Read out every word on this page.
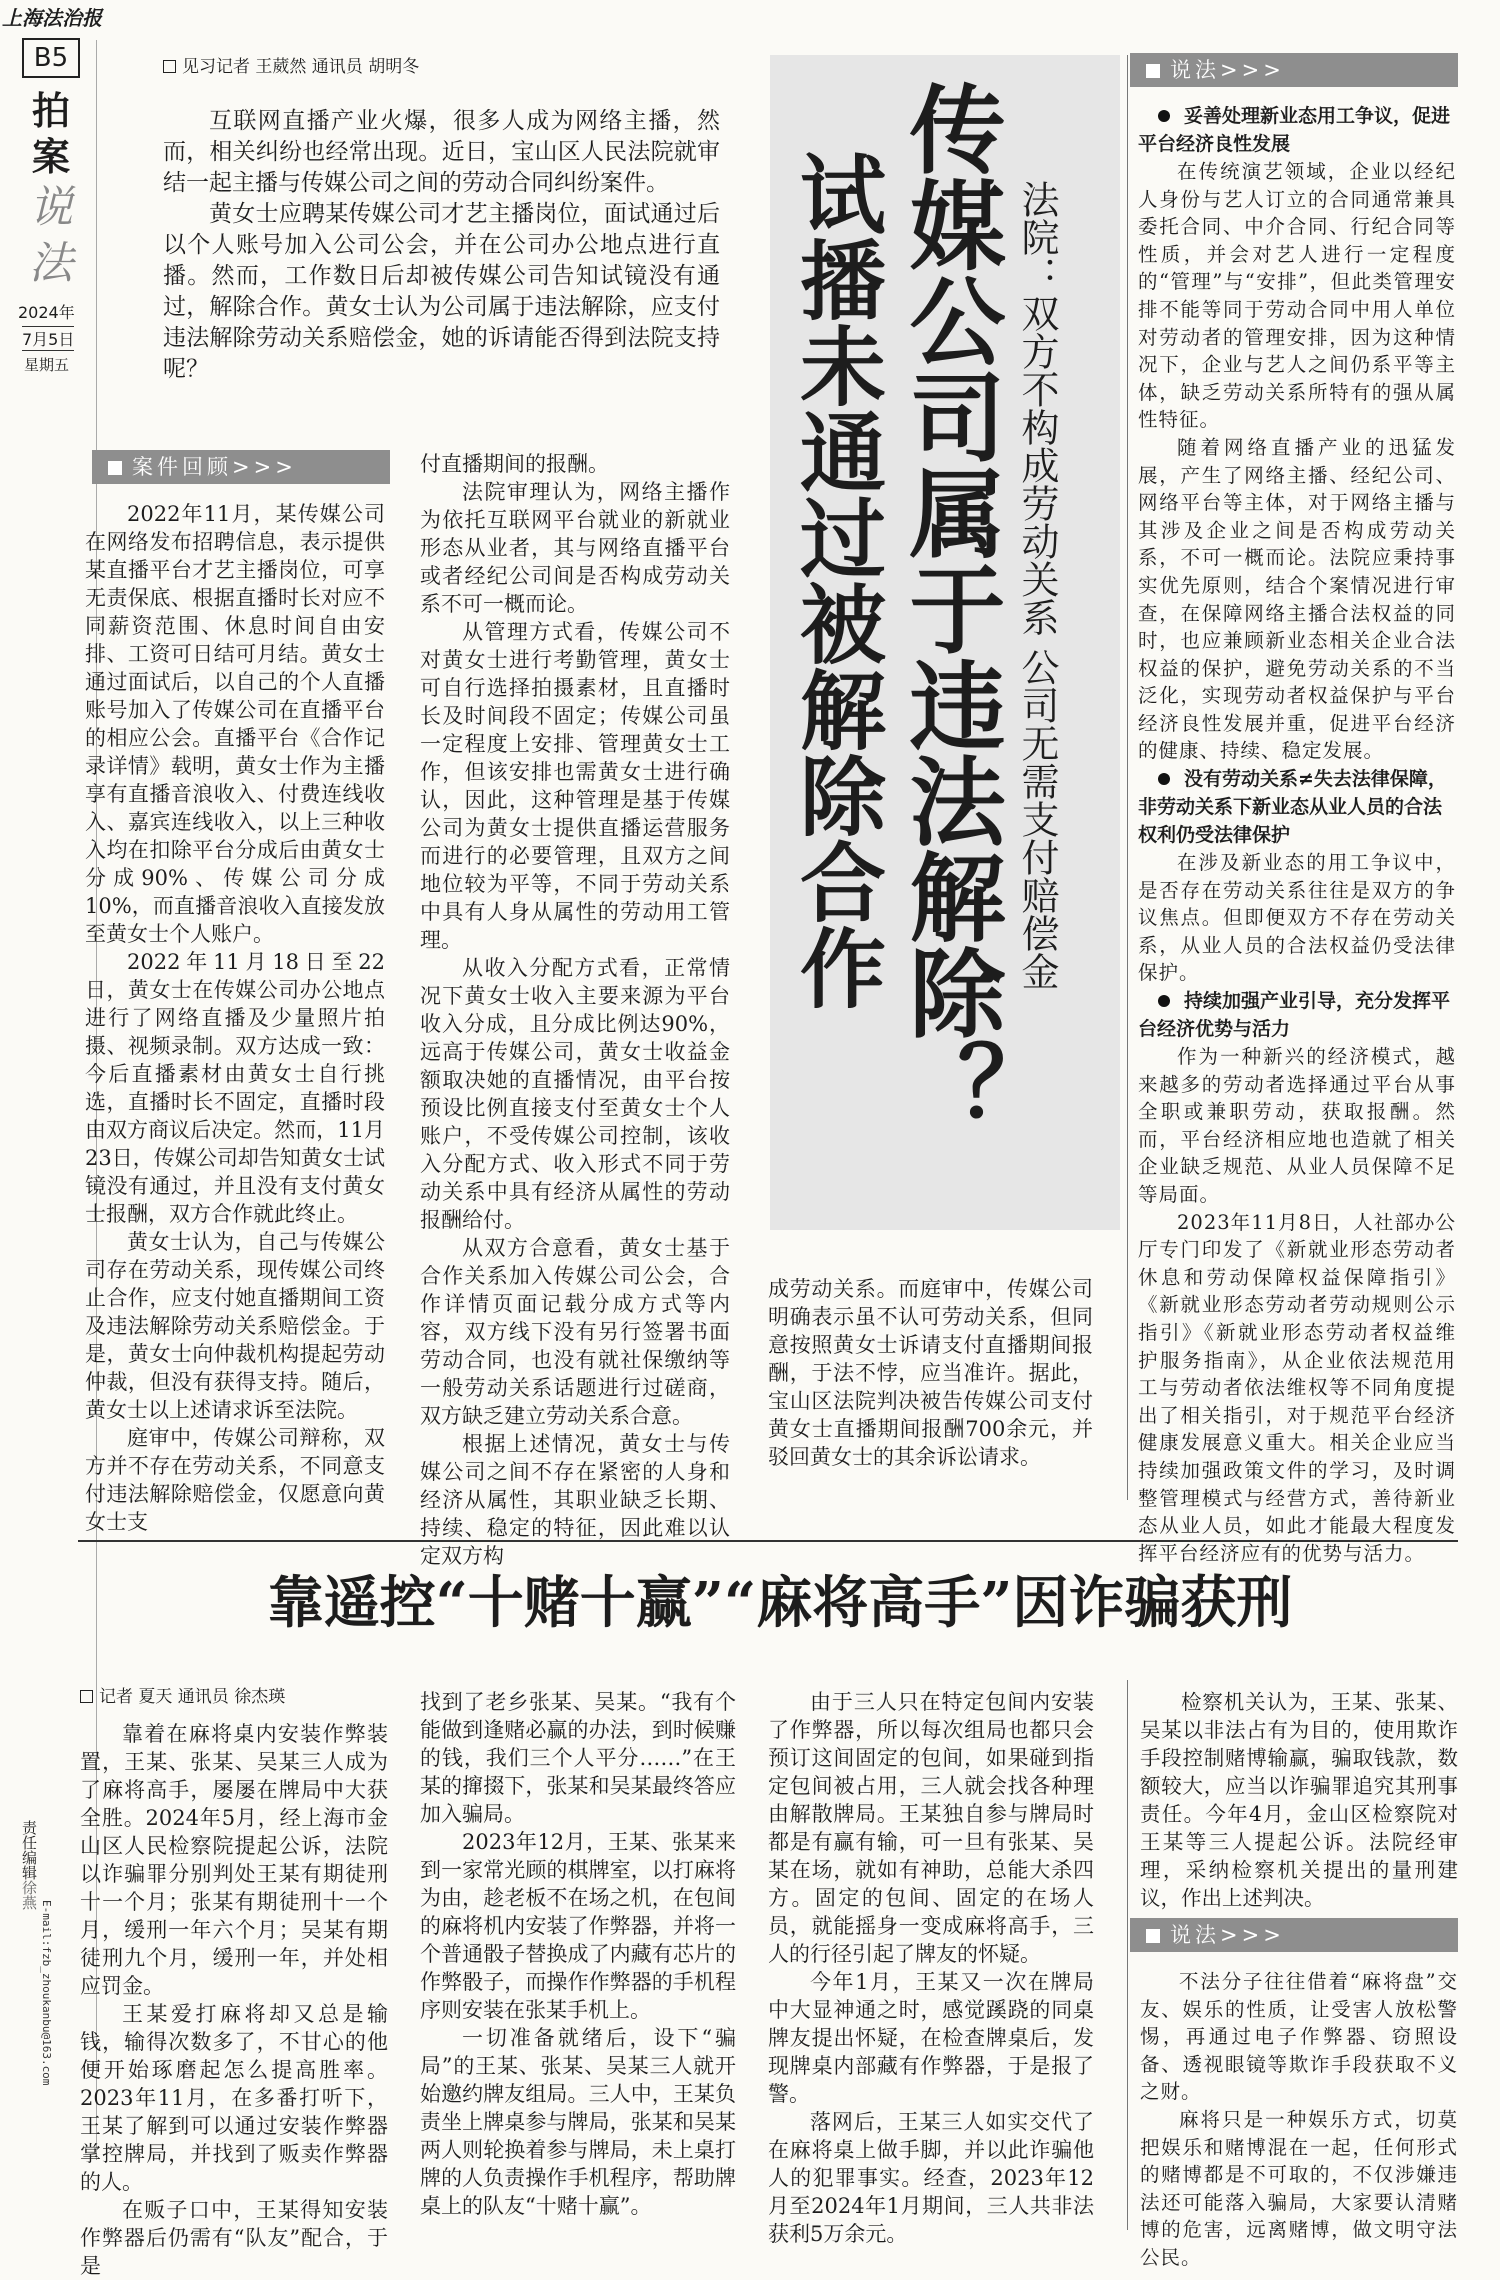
上海法治报
B5
拍
案
说
法
2024年
7月5日
星期五
责任编辑徐燕
E-mail:fzb_zhoukanbu@163.com
见习记者 王葳然 通讯员 胡明冬

互联网直播产业火爆，很多人成为网络主播，然而，相关纠纷也经常出现。近日，宝山区人民法院就审结一起主播与传媒公司之间的劳动合同纠纷案件。

黄女士应聘某传媒公司才艺主播岗位，面试通过后以个人账号加入公司公会，并在公司办公地点进行直播。然而，工作数日后却被传媒公司告知试镜没有通过，解除合作。黄女士认为公司属于违法解除，应支付违法解除劳动关系赔偿金，她的诉请能否得到法院支持呢？	传媒公司属于违法解除？
试播未通过被解除合作	法院：双方不构成劳动关系 公司无需支付赔偿金
案件回顾>>>

2022年11月，某传媒公司在网络发布招聘信息，表示提供某直播平台才艺主播岗位，可享无责保底、根据直播时长对应不同薪资范围、休息时间自由安排、工资可日结可月结。黄女士通过面试后，以自己的个人直播账号加入了传媒公司在直播平台的相应公会。直播平台《合作记录详情》载明，黄女士作为主播享有直播音浪收入、付费连线收入、嘉宾连线收入，以上三种收入均在扣除平台分成后由黄女士分成90%、传媒公司分成10%，而直播音浪收入直接发放至黄女士个人账户。

2022年11月18日至22日，黄女士在传媒公司办公地点进行了网络直播及少量照片拍摄、视频录制。双方达成一致：今后直播素材由黄女士自行挑选，直播时长不固定，直播时段由双方商议后决定。然而，11月23日，传媒公司却告知黄女士试镜没有通过，并且没有支付黄女士报酬，双方合作就此终止。

黄女士认为，自己与传媒公司存在劳动关系，现传媒公司终止合作，应支付她直播期间工资及违法解除劳动关系赔偿金。于是，黄女士向仲裁机构提起劳动仲裁，但没有获得支持。随后，黄女士以上述请求诉至法院。

庭审中，传媒公司辩称，双方并不存在劳动关系，不同意支付违法解除赔偿金，仅愿意向黄女士支

付直播期间的报酬。

法院审理认为，网络主播作为依托互联网平台就业的新就业形态从业者，其与网络直播平台或者经纪公司间是否构成劳动关系不可一概而论。

从管理方式看，传媒公司不对黄女士进行考勤管理，黄女士可自行选择拍摄素材，且直播时长及时间段不固定；传媒公司虽一定程度上安排、管理黄女士工作，但该安排也需黄女士进行确认，因此，这种管理是基于传媒公司为黄女士提供直播运营服务而进行的必要管理，且双方之间地位较为平等，不同于劳动关系中具有人身从属性的劳动用工管理。

从收入分配方式看，正常情况下黄女士收入主要来源为平台收入分成，且分成比例达90%，远高于传媒公司，黄女士收益金额取决她的直播情况，由平台按预设比例直接支付至黄女士个人账户，不受传媒公司控制，该收入分配方式、收入形式不同于劳动关系中具有经济从属性的劳动报酬给付。

从双方合意看，黄女士基于合作关系加入传媒公司公会，合作详情页面记载分成方式等内容，双方线下没有另行签署书面劳动合同，也没有就社保缴纳等一般劳动关系话题进行过磋商，双方缺乏建立劳动关系合意。

根据上述情况，黄女士与传媒公司之间不存在紧密的人身和经济从属性，其职业缺乏长期、持续、稳定的特征，因此难以认定双方构

成劳动关系。而庭审中，传媒公司明确表示虽不认可劳动关系，但同意按照黄女士诉请支付直播期间报酬，于法不悖，应当准许。据此，宝山区法院判决被告传媒公司支付黄女士直播期间报酬700余元，并驳回黄女士的其余诉讼请求。

说法>>>

妥善处理新业态用工争议，促进平台经济良性发展

在传统演艺领域，企业以经纪人身份与艺人订立的合同通常兼具委托合同、中介合同、行纪合同等性质，并会对艺人进行一定程度的“管理”与“安排”，但此类管理安排不能等同于劳动合同中用人单位对劳动者的管理安排，因为这种情况下，企业与艺人之间仍系平等主体，缺乏劳动关系所特有的强从属性特征。

随着网络直播产业的迅猛发展，产生了网络主播、经纪公司、网络平台等主体，对于网络主播与其涉及企业之间是否构成劳动关系，不可一概而论。法院应秉持事实优先原则，结合个案情况进行审查，在保障网络主播合法权益的同时，也应兼顾新业态相关企业合法权益的保护，避免劳动关系的不当泛化，实现劳动者权益保护与平台经济良性发展并重，促进平台经济的健康、持续、稳定发展。

没有劳动关系≠失去法律保障，非劳动关系下新业态从业人员的合法权利仍受法律保护

在涉及新业态的用工争议中，是否存在劳动关系往往是双方的争议焦点。但即便双方不存在劳动关系，从业人员的合法权益仍受法律保护。

持续加强产业引导，充分发挥平台经济优势与活力

作为一种新兴的经济模式，越来越多的劳动者选择通过平台从事全职或兼职劳动，获取报酬。然而，平台经济相应地也造就了相关企业缺乏规范、从业人员保障不足等局面。

2023年11月8日，人社部办公厅专门印发了《新就业形态劳动者休息和劳动保障权益保障指引》《新就业形态劳动者劳动规则公示指引》《新就业形态劳动者权益维护服务指南》，从企业依法规范用工与劳动者依法维权等不同角度提出了相关指引，对于规范平台经济健康发展意义重大。相关企业应当持续加强政策文件的学习，及时调整管理模式与经营方式，善待新业态从业人员，如此才能最大程度发挥平台经济应有的优势与活力。

靠遥控“十赌十赢”“麻将高手”因诈骗获刑
记者 夏天 通讯员 徐杰瑛

靠着在麻将桌内安装作弊装置，王某、张某、吴某三人成为了麻将高手，屡屡在牌局中大获全胜。2024年5月，经上海市金山区人民检察院提起公诉，法院以诈骗罪分别判处王某有期徒刑十一个月；张某有期徒刑十一个月，缓刑一年六个月；吴某有期徒刑九个月，缓刑一年，并处相应罚金。

王某爱打麻将却又总是输钱，输得次数多了，不甘心的他便开始琢磨起怎么提高胜率。2023年11月，在多番打听下，王某了解到可以通过安装作弊器掌控牌局，并找到了贩卖作弊器的人。

在贩子口中，王某得知安装作弊器后仍需有“队友”配合，于是

找到了老乡张某、吴某。“我有个能做到逢赌必赢的办法，到时候赚的钱，我们三个人平分……”在王某的撺掇下，张某和吴某最终答应加入骗局。

2023年12月，王某、张某来到一家常光顾的棋牌室，以打麻将为由，趁老板不在场之机，在包间的麻将机内安装了作弊器，并将一个普通骰子替换成了内藏有芯片的作弊骰子，而操作作弊器的手机程序则安装在张某手机上。

一切准备就绪后，设下“骗局”的王某、张某、吴某三人就开始邀约牌友组局。三人中，王某负责坐上牌桌参与牌局，张某和吴某两人则轮换着参与牌局，未上桌打牌的人负责操作手机程序，帮助牌桌上的队友“十赌十赢”。

由于三人只在特定包间内安装了作弊器，所以每次组局也都只会预订这间固定的包间，如果碰到指定包间被占用，三人就会找各种理由解散牌局。王某独自参与牌局时都是有赢有输，可一旦有张某、吴某在场，就如有神助，总能大杀四方。固定的包间、固定的在场人员，就能摇身一变成麻将高手，三人的行径引起了牌友的怀疑。

今年1月，王某又一次在牌局中大显神通之时，感觉蹊跷的同桌牌友提出怀疑，在检查牌桌后，发现牌桌内部藏有作弊器，于是报了警。

落网后，王某三人如实交代了在麻将桌上做手脚，并以此诈骗他人的犯罪事实。经查，2023年12月至2024年1月期间，三人共非法获利5万余元。

检察机关认为，王某、张某、吴某以非法占有为目的，使用欺诈手段控制赌博输赢，骗取钱款，数额较大，应当以诈骗罪追究其刑事责任。今年4月，金山区检察院对王某等三人提起公诉。法院经审理，采纳检察机关提出的量刑建议，作出上述判决。

说法>>>

不法分子往往借着“麻将盘”交友、娱乐的性质，让受害人放松警惕，再通过电子作弊器、窃照设备、透视眼镜等欺诈手段获取不义之财。

麻将只是一种娱乐方式，切莫把娱乐和赌博混在一起，任何形式的赌博都是不可取的，不仅涉嫌违法还可能落入骗局，大家要认清赌博的危害，远离赌博，做文明守法公民。
